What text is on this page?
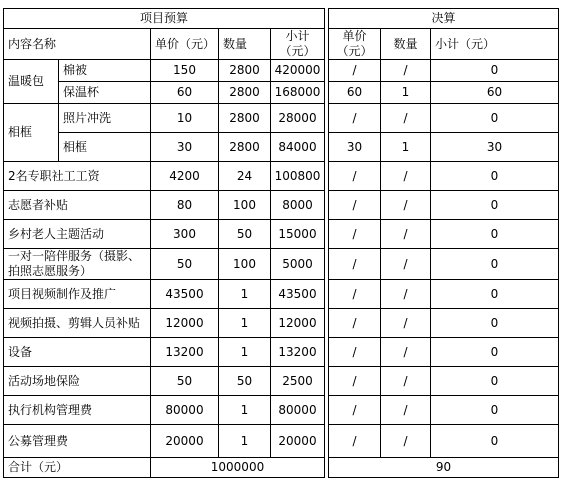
项目预算						决算		
内容名称		单价（元）	数量	小计（元）		单价（元）	数量	小计（元）
温暖包	棉被	150	2800	420000		/	/	0
	保温杯	60	2800	168000		60	1	60
相框	照片冲洗	10	2800	28000		/	/	0
	相框	30	2800	84000		30	1	30
2名专职社工工资		4200	24	100800		/	/	0
志愿者补贴		80	100	8000		/	/	0
乡村老人主题活动		300	50	15000		/	/	0
一对一陪伴服务（摄影、拍照志愿服务）		50	100	5000		/	/	0
项目视频制作及推广		43500	1	43500		/	/	0
视频拍摄、剪辑人员补贴		12000	1	12000		/	/	0
设备		13200	1	13200		/	/	0
活动场地保险		50	50	2500		/	/	0
执行机构管理费		80000	1	80000		/	/	0
公募管理费		20000	1	20000		/	/	0
合计（元）		1000000				90		
